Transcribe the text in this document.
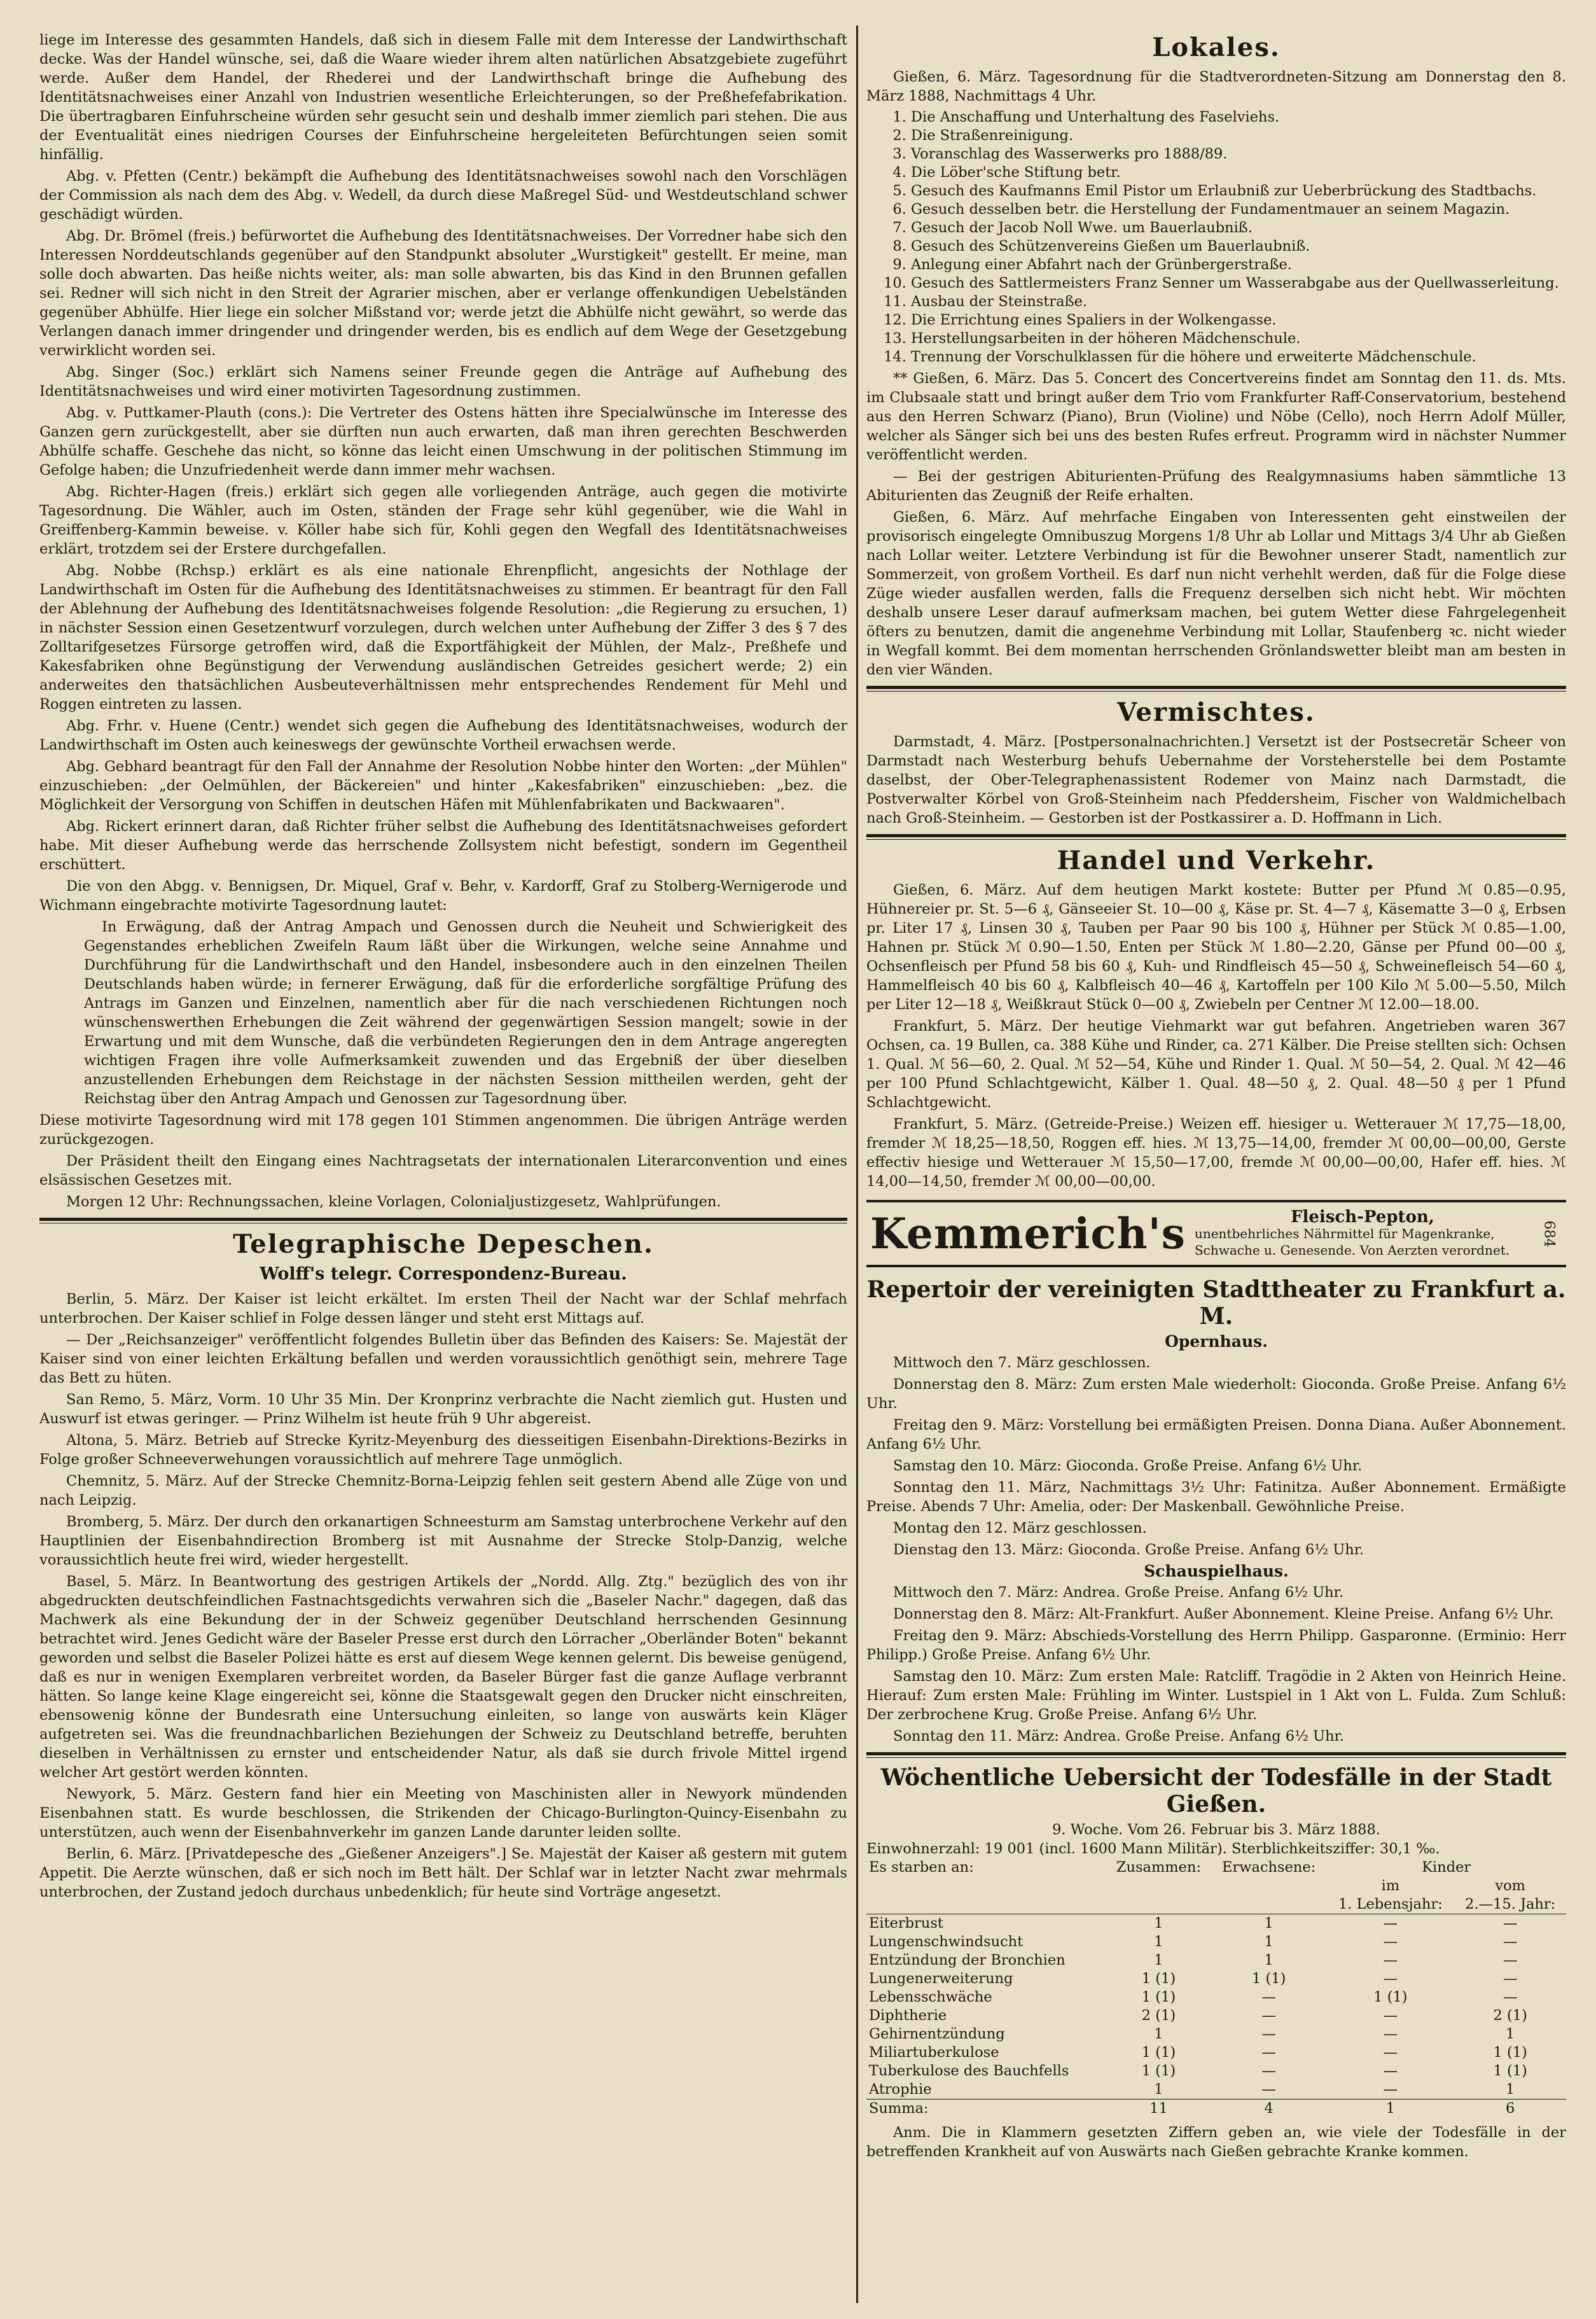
liege im Interesse des gesammten Handels, daß sich in diesem Falle mit dem Interesse der Landwirthschaft decke. Was der Handel wünsche, sei, daß die Waare wieder ihrem alten natürlichen Absatzgebiete zugeführt werde. Außer dem Handel, der Rhederei und der Landwirthschaft bringe die Aufhebung des Identitätsnachweises einer Anzahl von Industrien wesentliche Erleichterungen, so der Preßhefefabrikation. Die übertragbaren Einfuhrscheine würden sehr gesucht sein und deshalb immer ziemlich pari stehen. Die aus der Eventualität eines niedrigen Courses der Einfuhrscheine hergeleiteten Befürchtungen seien somit hinfällig.

Abg. v. Pfetten (Centr.) bekämpft die Aufhebung des Identitätsnachweises sowohl nach den Vorschlägen der Commission als nach dem des Abg. v. Wedell, da durch diese Maßregel Süd- und Westdeutschland schwer geschädigt würden.

Abg. Dr. Brömel (freis.) befürwortet die Aufhebung des Identitätsnachweises. Der Vorredner habe sich den Interessen Norddeutschlands gegenüber auf den Standpunkt absoluter „Wurstigkeit" gestellt. Er meine, man solle doch abwarten. Das heiße nichts weiter, als: man solle abwarten, bis das Kind in den Brunnen gefallen sei. Redner will sich nicht in den Streit der Agrarier mischen, aber er verlange offenkundigen Uebelständen gegenüber Abhülfe. Hier liege ein solcher Mißstand vor; werde jetzt die Abhülfe nicht gewährt, so werde das Verlangen danach immer dringender und dringender werden, bis es endlich auf dem Wege der Gesetzgebung verwirklicht worden sei.

Abg. Singer (Soc.) erklärt sich Namens seiner Freunde gegen die Anträge auf Aufhebung des Identitätsnachweises und wird einer motivirten Tagesordnung zustimmen.

Abg. v. Puttkamer-Plauth (cons.): Die Vertreter des Ostens hätten ihre Specialwünsche im Interesse des Ganzen gern zurückgestellt, aber sie dürften nun auch erwarten, daß man ihren gerechten Beschwerden Abhülfe schaffe. Geschehe das nicht, so könne das leicht einen Umschwung in der politischen Stimmung im Gefolge haben; die Unzufriedenheit werde dann immer mehr wachsen.

Abg. Richter-Hagen (freis.) erklärt sich gegen alle vorliegenden Anträge, auch gegen die motivirte Tagesordnung. Die Wähler, auch im Osten, ständen der Frage sehr kühl gegenüber, wie die Wahl in Greiffenberg-Kammin beweise. v. Köller habe sich für, Kohli gegen den Wegfall des Identitätsnachweises erklärt, trotzdem sei der Erstere durchgefallen.

Abg. Nobbe (Rchsp.) erklärt es als eine nationale Ehrenpflicht, angesichts der Nothlage der Landwirthschaft im Osten für die Aufhebung des Identitätsnachweises zu stimmen. Er beantragt für den Fall der Ablehnung der Aufhebung des Identitätsnachweises folgende Resolution: „die Regierung zu ersuchen, 1) in nächster Session einen Gesetzentwurf vorzulegen, durch welchen unter Aufhebung der Ziffer 3 des § 7 des Zolltarifgesetzes Fürsorge getroffen wird, daß die Exportfähigkeit der Mühlen, der Malz-, Preßhefe und Kakesfabriken ohne Begünstigung der Verwendung ausländischen Getreides gesichert werde; 2) ein anderweites den thatsächlichen Ausbeuteverhältnissen mehr entsprechendes Rendement für Mehl und Roggen eintreten zu lassen.

Abg. Frhr. v. Huene (Centr.) wendet sich gegen die Aufhebung des Identitätsnachweises, wodurch der Landwirthschaft im Osten auch keineswegs der gewünschte Vortheil erwachsen werde.

Abg. Gebhard beantragt für den Fall der Annahme der Resolution Nobbe hinter den Worten: „der Mühlen" einzuschieben: „der Oelmühlen, der Bäckereien" und hinter „Kakesfabriken" einzuschieben: „bez. die Möglichkeit der Versorgung von Schiffen in deutschen Häfen mit Mühlenfabrikaten und Backwaaren".

Abg. Rickert erinnert daran, daß Richter früher selbst die Aufhebung des Identitätsnachweises gefordert habe. Mit dieser Aufhebung werde das herrschende Zollsystem nicht befestigt, sondern im Gegentheil erschüttert.

Die von den Abgg. v. Bennigsen, Dr. Miquel, Graf v. Behr, v. Kardorff, Graf zu Stolberg-Wernigerode und Wichmann eingebrachte motivirte Tagesordnung lautet:

In Erwägung, daß der Antrag Ampach und Genossen durch die Neuheit und Schwierigkeit des Gegenstandes erheblichen Zweifeln Raum läßt über die Wirkungen, welche seine Annahme und Durchführung für die Landwirthschaft und den Handel, insbesondere auch in den einzelnen Theilen Deutschlands haben würde; in fernerer Erwägung, daß für die erforderliche sorgfältige Prüfung des Antrags im Ganzen und Einzelnen, namentlich aber für die nach verschiedenen Richtungen noch wünschenswerthen Erhebungen die Zeit während der gegenwärtigen Session mangelt; sowie in der Erwartung und mit dem Wunsche, daß die verbündeten Regierungen den in dem Antrage angeregten wichtigen Fragen ihre volle Aufmerksamkeit zuwenden und das Ergebniß der über dieselben anzustellenden Erhebungen dem Reichstage in der nächsten Session mittheilen werden, geht der Reichstag über den Antrag Ampach und Genossen zur Tagesordnung über.

Diese motivirte Tagesordnung wird mit 178 gegen 101 Stimmen angenommen. Die übrigen Anträge werden zurückgezogen.

Der Präsident theilt den Eingang eines Nachtragsetats der internationalen Literarconvention und eines elsässischen Gesetzes mit.

Morgen 12 Uhr: Rechnungssachen, kleine Vorlagen, Colonialjustizgesetz, Wahlprüfungen.

Telegraphische Depeschen.
Wolff's telegr. Correspondenz-Bureau.

Berlin, 5. März. Der Kaiser ist leicht erkältet. Im ersten Theil der Nacht war der Schlaf mehrfach unterbrochen. Der Kaiser schlief in Folge dessen länger und steht erst Mittags auf.

— Der „Reichsanzeiger" veröffentlicht folgendes Bulletin über das Befinden des Kaisers: Se. Majestät der Kaiser sind von einer leichten Erkältung befallen und werden voraussichtlich genöthigt sein, mehrere Tage das Bett zu hüten.

San Remo, 5. März, Vorm. 10 Uhr 35 Min. Der Kronprinz verbrachte die Nacht ziemlich gut. Husten und Auswurf ist etwas geringer. — Prinz Wilhelm ist heute früh 9 Uhr abgereist.

Altona, 5. März. Betrieb auf Strecke Kyritz-Meyenburg des diesseitigen Eisenbahn-Direktions-Bezirks in Folge großer Schneeverwehungen voraussichtlich auf mehrere Tage unmöglich.

Chemnitz, 5. März. Auf der Strecke Chemnitz-Borna-Leipzig fehlen seit gestern Abend alle Züge von und nach Leipzig.

Bromberg, 5. März. Der durch den orkanartigen Schneesturm am Samstag unterbrochene Verkehr auf den Hauptlinien der Eisenbahndirection Bromberg ist mit Ausnahme der Strecke Stolp-Danzig, welche voraussichtlich heute frei wird, wieder hergestellt.

Basel, 5. März. In Beantwortung des gestrigen Artikels der „Nordd. Allg. Ztg." bezüglich des von ihr abgedruckten deutschfeindlichen Fastnachtsgedichts verwahren sich die „Baseler Nachr." dagegen, daß das Machwerk als eine Bekundung der in der Schweiz gegenüber Deutschland herrschenden Gesinnung betrachtet wird. Jenes Gedicht wäre der Baseler Presse erst durch den Lörracher „Oberländer Boten" bekannt geworden und selbst die Baseler Polizei hätte es erst auf diesem Wege kennen gelernt. Dis beweise genügend, daß es nur in wenigen Exemplaren verbreitet worden, da Baseler Bürger fast die ganze Auflage verbrannt hätten. So lange keine Klage eingereicht sei, könne die Staatsgewalt gegen den Drucker nicht einschreiten, ebensowenig könne der Bundesrath eine Untersuchung einleiten, so lange von auswärts kein Kläger aufgetreten sei. Was die freundnachbarlichen Beziehungen der Schweiz zu Deutschland betreffe, beruhten dieselben in Verhältnissen zu ernster und entscheidender Natur, als daß sie durch frivole Mittel irgend welcher Art gestört werden könnten.

Newyork, 5. März. Gestern fand hier ein Meeting von Maschinisten aller in Newyork mündenden Eisenbahnen statt. Es wurde beschlossen, die Strikenden der Chicago-Burlington-Quincy-Eisenbahn zu unterstützen, auch wenn der Eisenbahnverkehr im ganzen Lande darunter leiden sollte.

Berlin, 6. März. [Privatdepesche des „Gießener Anzeigers".] Se. Majestät der Kaiser aß gestern mit gutem Appetit. Die Aerzte wünschen, daß er sich noch im Bett hält. Der Schlaf war in letzter Nacht zwar mehrmals unterbrochen, der Zustand jedoch durchaus unbedenklich; für heute sind Vorträge angesetzt.

Lokales.

Gießen, 6. März. Tagesordnung für die Stadtverordneten-Sitzung am Donnerstag den 8. März 1888, Nachmittags 4 Uhr.

1. Die Anschaffung und Unterhaltung des Faselviehs.
2. Die Straßenreinigung.
3. Voranschlag des Wasserwerks pro 1888/89.
4. Die Löber'sche Stiftung betr.
5. Gesuch des Kaufmanns Emil Pistor um Erlaubniß zur Ueberbrückung des Stadtbachs.
6. Gesuch desselben betr. die Herstellung der Fundamentmauer an seinem Magazin.
7. Gesuch der Jacob Noll Wwe. um Bauerlaubniß.
8. Gesuch des Schützenvereins Gießen um Bauerlaubniß.
9. Anlegung einer Abfahrt nach der Grünbergerstraße.
10. Gesuch des Sattlermeisters Franz Senner um Wasserabgabe aus der Quellwasserleitung.
11. Ausbau der Steinstraße.
12. Die Errichtung eines Spaliers in der Wolkengasse.
13. Herstellungsarbeiten in der höheren Mädchenschule.
14. Trennung der Vorschulklassen für die höhere und erweiterte Mädchenschule.

** Gießen, 6. März. Das 5. Concert des Concertvereins findet am Sonntag den 11. ds. Mts. im Clubsaale statt und bringt außer dem Trio vom Frankfurter Raff-Conservatorium, bestehend aus den Herren Schwarz (Piano), Brun (Violine) und Nöbe (Cello), noch Herrn Adolf Müller, welcher als Sänger sich bei uns des besten Rufes erfreut. Programm wird in nächster Nummer veröffentlicht werden.

— Bei der gestrigen Abiturienten-Prüfung des Realgymnasiums haben sämmtliche 13 Abiturienten das Zeugniß der Reife erhalten.

Gießen, 6. März. Auf mehrfache Eingaben von Interessenten geht einstweilen der provisorisch eingelegte Omnibuszug Morgens 1/8 Uhr ab Lollar und Mittags 3/4 Uhr ab Gießen nach Lollar weiter. Letztere Verbindung ist für die Bewohner unserer Stadt, namentlich zur Sommerzeit, von großem Vortheil. Es darf nun nicht verhehlt werden, daß für die Folge diese Züge wieder ausfallen werden, falls die Frequenz derselben sich nicht hebt. Wir möchten deshalb unsere Leser darauf aufmerksam machen, bei gutem Wetter diese Fahrgelegenheit öfters zu benutzen, damit die angenehme Verbindung mit Lollar, Staufenberg ꝛc. nicht wieder in Wegfall kommt. Bei dem momentan herrschenden Grönlandswetter bleibt man am besten in den vier Wänden.

Vermischtes.

Darmstadt, 4. März. [Postpersonalnachrichten.] Versetzt ist der Postsecretär Scheer von Darmstadt nach Westerburg behufs Uebernahme der Vorsteherstelle bei dem Postamte daselbst, der Ober-Telegraphenassistent Rodemer von Mainz nach Darmstadt, die Postverwalter Körbel von Groß-Steinheim nach Pfeddersheim, Fischer von Waldmichelbach nach Groß-Steinheim. — Gestorben ist der Postkassirer a. D. Hoffmann in Lich.

Handel und Verkehr.

Gießen, 6. März. Auf dem heutigen Markt kostete: Butter per Pfund ℳ 0.85—0.95, Hühnereier pr. St. 5—6 ₰, Gänseeier St. 10—00 ₰, Käse pr. St. 4—7 ₰, Käsematte 3—0 ₰, Erbsen pr. Liter 17 ₰, Linsen 30 ₰, Tauben per Paar 90 bis 100 ₰, Hühner per Stück ℳ 0.85—1.00, Hahnen pr. Stück ℳ 0.90—1.50, Enten per Stück ℳ 1.80—2.20, Gänse per Pfund 00—00 ₰, Ochsenfleisch per Pfund 58 bis 60 ₰, Kuh- und Rindfleisch 45—50 ₰, Schweinefleisch 54—60 ₰, Hammelfleisch 40 bis 60 ₰, Kalbfleisch 40—46 ₰, Kartoffeln per 100 Kilo ℳ 5.00—5.50, Milch per Liter 12—18 ₰, Weißkraut Stück 0—00 ₰, Zwiebeln per Centner ℳ 12.00—18.00.

Frankfurt, 5. März. Der heutige Viehmarkt war gut befahren. Angetrieben waren 367 Ochsen, ca. 19 Bullen, ca. 388 Kühe und Rinder, ca. 271 Kälber. Die Preise stellten sich: Ochsen 1. Qual. ℳ 56—60, 2. Qual. ℳ 52—54, Kühe und Rinder 1. Qual. ℳ 50—54, 2. Qual. ℳ 42—46 per 100 Pfund Schlachtgewicht, Kälber 1. Qual. 48—50 ₰, 2. Qual. 48—50 ₰ per 1 Pfund Schlachtgewicht.

Frankfurt, 5. März. (Getreide-Preise.) Weizen eff. hiesiger u. Wetterauer ℳ 17,75—18,00, fremder ℳ 18,25—18,50, Roggen eff. hies. ℳ 13,75—14,00, fremder ℳ 00,00—00,00, Gerste effectiv hiesige und Wetterauer ℳ 15,50—17,00, fremde ℳ 00,00—00,00, Hafer eff. hies. ℳ 14,00—14,50, fremder ℳ 00,00—00,00.

Kemmerich's	Fleisch-Pepton,
unentbehrliches Nährmittel für Magenkranke, Schwache u. Genesende. Von Aerzten verordnet.
684
Repertoir der vereinigten Stadttheater zu Frankfurt a. M.
Opernhaus.

Mittwoch den 7. März geschlossen.

Donnerstag den 8. März: Zum ersten Male wiederholt: Gioconda. Große Preise. Anfang 6½ Uhr.

Freitag den 9. März: Vorstellung bei ermäßigten Preisen. Donna Diana. Außer Abonnement. Anfang 6½ Uhr.

Samstag den 10. März: Gioconda. Große Preise. Anfang 6½ Uhr.

Sonntag den 11. März, Nachmittags 3½ Uhr: Fatinitza. Außer Abonnement. Ermäßigte Preise. Abends 7 Uhr: Amelia, oder: Der Maskenball. Gewöhnliche Preise.

Montag den 12. März geschlossen.

Dienstag den 13. März: Gioconda. Große Preise. Anfang 6½ Uhr.

Schauspielhaus.

Mittwoch den 7. März: Andrea. Große Preise. Anfang 6½ Uhr.

Donnerstag den 8. März: Alt-Frankfurt. Außer Abonnement. Kleine Preise. Anfang 6½ Uhr.

Freitag den 9. März: Abschieds-Vorstellung des Herrn Philipp. Gasparonne. (Erminio: Herr Philipp.) Große Preise. Anfang 6½ Uhr.

Samstag den 10. März: Zum ersten Male: Ratcliff. Tragödie in 2 Akten von Heinrich Heine. Hierauf: Zum ersten Male: Frühling im Winter. Lustspiel in 1 Akt von L. Fulda. Zum Schluß: Der zerbrochene Krug. Große Preise. Anfang 6½ Uhr.

Sonntag den 11. März: Andrea. Große Preise. Anfang 6½ Uhr.

Wöchentliche Uebersicht der Todesfälle in der Stadt Gießen.

9. Woche. Vom 26. Februar bis 3. März 1888.

Einwohnerzahl: 19 001 (incl. 1600 Mann Militär). Sterblichkeitsziffer: 30,1 ‰.

Es starben an:	Zusammen:	Erwachsene:	Kinder	
			im	vom
			1. Lebensjahr:	2.—15. Jahr:
Eiterbrust	1	1	—	—
Lungenschwindsucht	1	1	—	—
Entzündung der Bronchien	1	1	—	—
Lungenerweiterung	1 (1)	1 (1)	—	—
Lebensschwäche	1 (1)	—	1 (1)	—
Diphtherie	2 (1)	—	—	2 (1)
Gehirnentzündung	1	—	—	1
Miliartuberkulose	1 (1)	—	—	1 (1)
Tuberkulose des Bauchfells	1 (1)	—	—	1 (1)
Atrophie	1	—	—	1
Summa:	11	4	1	6

Anm. Die in Klammern gesetzten Ziffern geben an, wie viele der Todesfälle in der betreffenden Krankheit auf von Auswärts nach Gießen gebrachte Kranke kommen.
